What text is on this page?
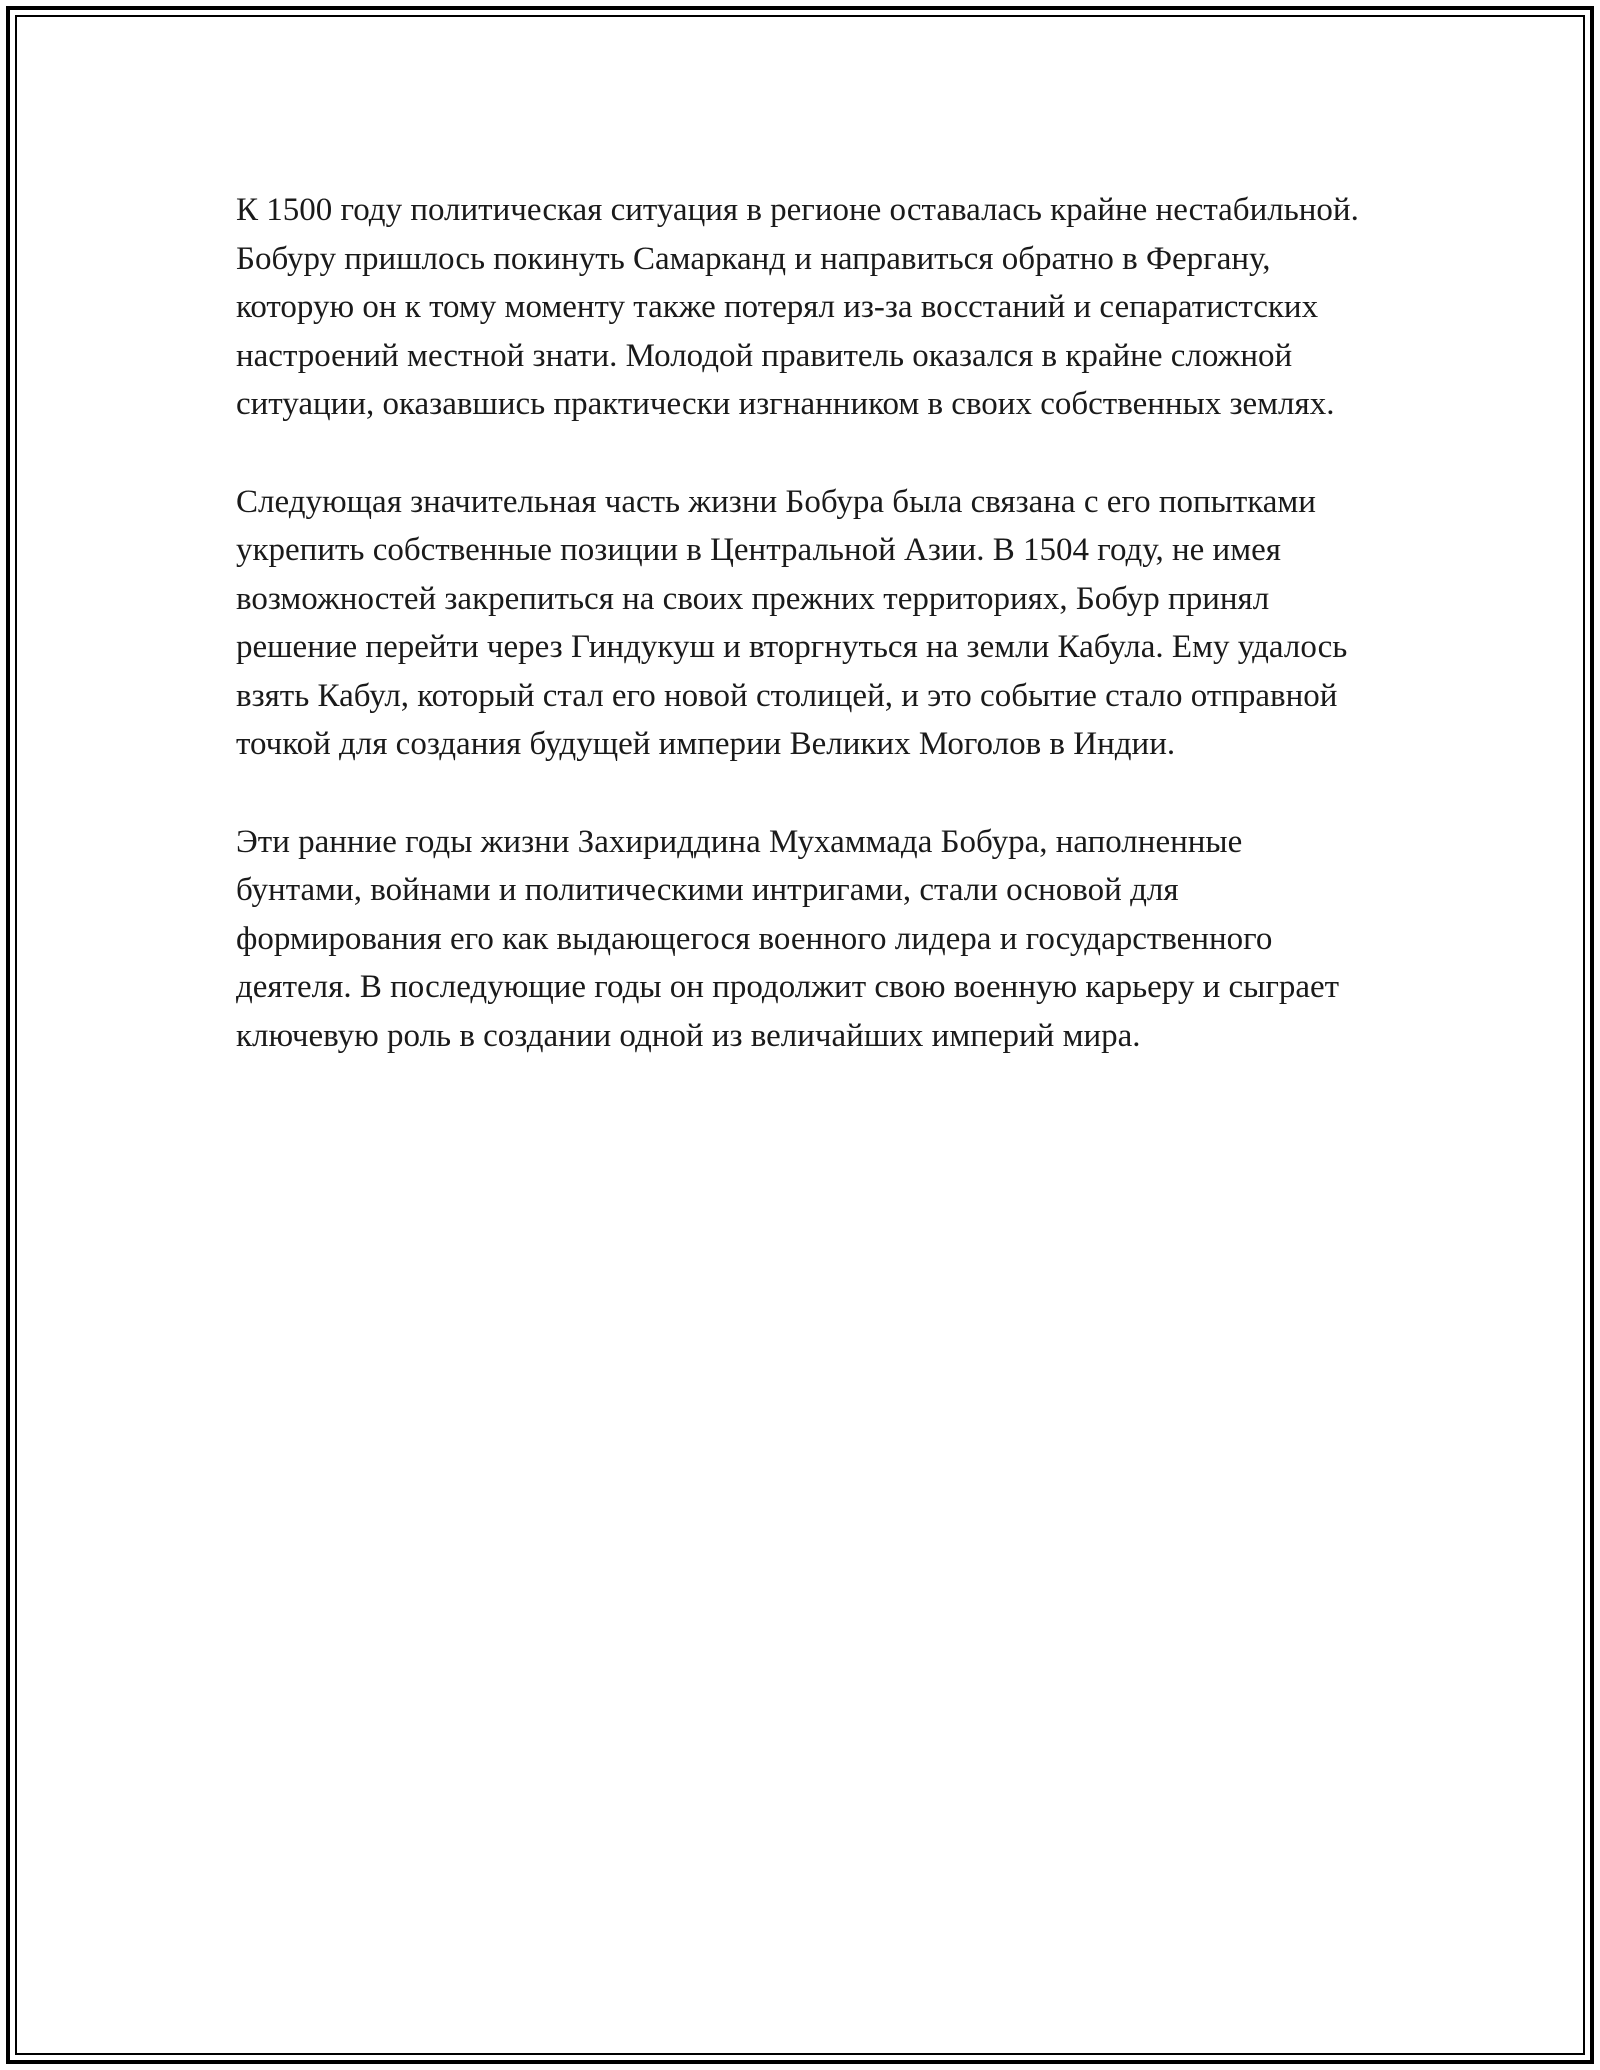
К 1500 году политическая ситуация в регионе оставалась крайне нестабильной. Бобуру пришлось покинуть Самарканд и направиться обратно в Фергану, которую он к тому моменту также потерял из-за восстаний и сепаратистских настроений местной знати. Молодой правитель оказался в крайне сложной ситуации, оказавшись практически изгнанником в своих собственных землях.

Следующая значительная часть жизни Бобура была связана с его попытками укрепить собственные позиции в Центральной Азии. В 1504 году, не имея возможностей закрепиться на своих прежних территориях, Бобур принял решение перейти через Гиндукуш и вторгнуться на земли Кабула. Ему удалось взять Кабул, который стал его новой столицей, и это событие стало отправной точкой для создания будущей империи Великих Моголов в Индии.

Эти ранние годы жизни Захириддина Мухаммада Бобура, наполненные бунтами, войнами и политическими интригами, стали основой для формирования его как выдающегося военного лидера и государственного деятеля. В последующие годы он продолжит свою военную карьеру и сыграет ключевую роль в создании одной из величайших империй мира.
